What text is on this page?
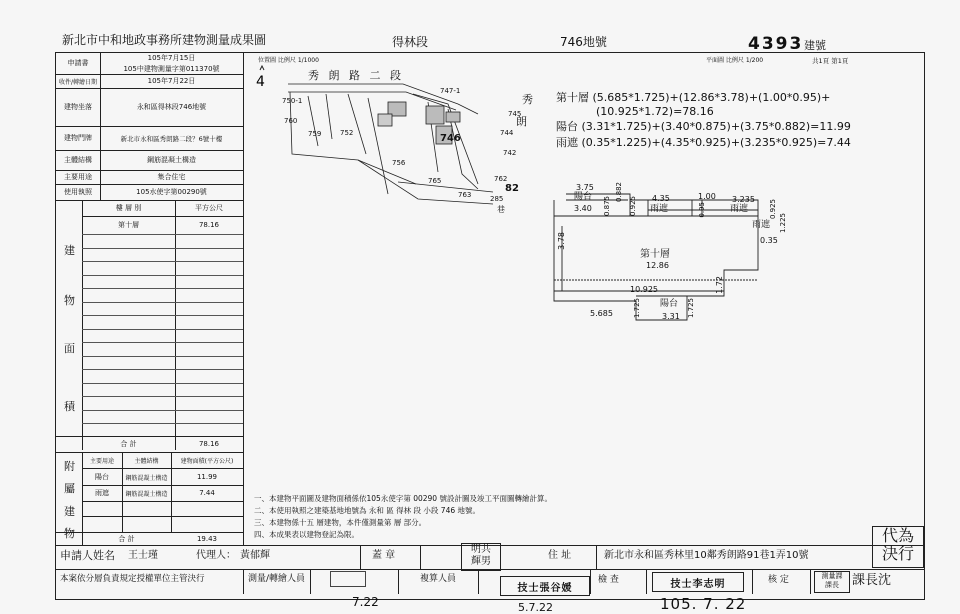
新北市中和地政事務所建物測量成果圖	得林段	746地號	4393 建號
申請書
105年7月15日
105中建物測量字第011370號
收件/轉繪日期	105年7月22日
建物坐落	永和區得林段746地號
建物門牌	新北市永和區秀朗路二段？6號十樓
主體結構	鋼筋混凝土構造
主要用途	集合住宅
使用執照	105水使字第00290號
樓 層 別	平方公尺
第十層	78.16
建
物
面
積
合 計	78.16
主要用途	主體結構	建物面積(平方公尺)
陽台	鋼筋混凝土構造	11.99
雨遮	鋼筋混凝土構造	7.44
合 計	19.43
附
屬
建
物
位置圖 比例尺 1/1000	平面圖 比例尺 1/200	共1頁 第1頁
4	秀 朗 路 二 段
秀
朗
747-1
750-1
760
759	752	746	744
742
756
765
763
762
285
82
巷
745
第十層 (5.685*1.725)+(12.86*3.78)+(1.00*0.95)+
(10.925*1.72)=78.16
陽台 (3.31*1.725)+(3.40*0.875)+(3.75*0.882)=11.99
雨遮 (0.35*1.225)+(4.35*0.925)+(3.235*0.925)=7.44
3.75
陽台
3.40 0.875
0.882
0.925 4.35
雨遮
1.00
0.95
3.235
雨遮	0.925
雨遮 1.225
0.35
3.78
第十層
12.86
1.72
10.925
1.725 陽台
3.31 1.725
5.685
一、本建物平面圖及建物面積係依105永使字第 00290 號設計圖及竣工平面圖轉繪計算。
二、本使用執照之建築基地地號為 永和 區 得林 段 小段 746 地號。
三、本建物係十五 層建物，本件僅測量第 層 部分。
四、本成果表以建物登記為限。
申請人姓名 王士瑾	代理人： 黃郁輝	蓋 章
明共
輝男
住 址	新北市永和區秀林里10鄰秀朗路91巷1弄10號
代為
決行
本案依分層負責規定授權單位主管決行	測量/轉繪人員	複算人員
技士張谷媛
檢 查	技士李志明	核 定	測量課
課長	課長沈
7.22	5.7.22	105. 7. 22
